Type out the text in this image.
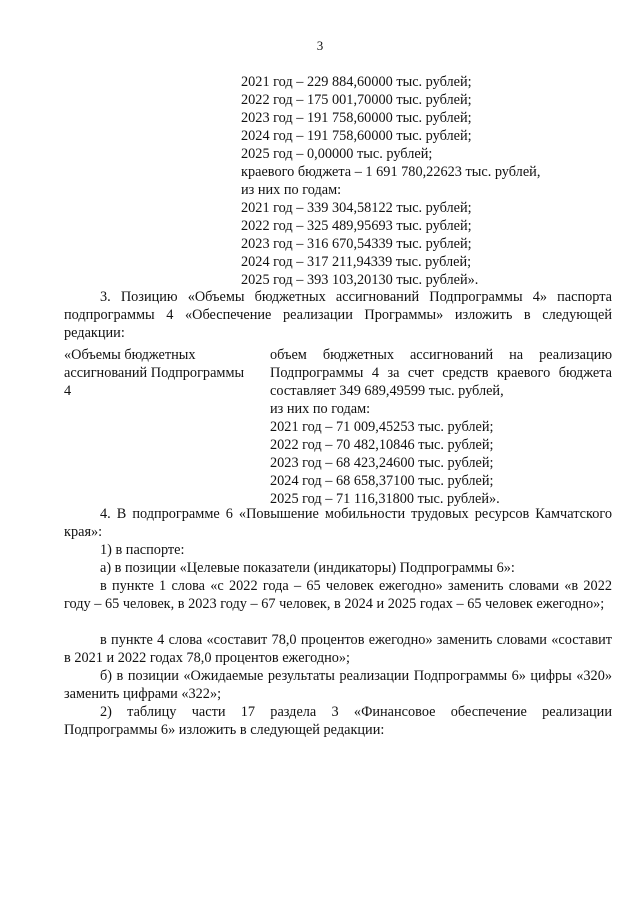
3
2021 год – 229 884,60000 тыс. рублей;
2022 год – 175 001,70000 тыс. рублей;
2023 год – 191 758,60000 тыс. рублей;
2024 год – 191 758,60000 тыс. рублей;
2025 год – 0,00000 тыс. рублей;
краевого бюджета – 1 691 780,22623 тыс. рублей,
из них по годам:
2021 год – 339 304,58122 тыс. рублей;
2022 год – 325 489,95693 тыс. рублей;
2023 год – 316 670,54339 тыс. рублей;
2024 год – 317 211,94339 тыс. рублей;
2025 год – 393 103,20130 тыс. рублей».
3. Позицию «Объемы бюджетных ассигнований Подпрограммы 4» паспорта подпрограммы 4 «Обеспечение реализации Программы» изложить в следующей редакции:
«Объемы бюджетных ассигнований Подпрограммы 4
объем бюджетных ассигнований на реализацию Подпрограммы 4 за счет средств краевого бюджета составляет 349 689,49599 тыс. рублей,
из них по годам:
2021 год – 71 009,45253 тыс. рублей;
2022 год – 70 482,10846 тыс. рублей;
2023 год – 68 423,24600 тыс. рублей;
2024 год – 68 658,37100 тыс. рублей;
2025 год – 71 116,31800 тыс. рублей».
4. В подпрограмме 6 «Повышение мобильности трудовых ресурсов Камчатского края»:
1) в паспорте:
а) в позиции «Целевые показатели (индикаторы) Подпрограммы 6»:
в пункте 1 слова «с 2022 года – 65 человек ежегодно» заменить словами «в 2022 году – 65 человек, в 2023 году – 67 человек, в 2024 и 2025 годах – 65 человек ежегодно»;
в пункте 4 слова «составит 78,0 процентов ежегодно» заменить словами «составит в 2021 и 2022 годах 78,0 процентов ежегодно»;
б) в позиции «Ожидаемые результаты реализации Подпрограммы 6» цифры «320» заменить цифрами «322»;
2) таблицу части 17 раздела 3 «Финансовое обеспечение реализации Подпрограммы 6» изложить в следующей редакции:
